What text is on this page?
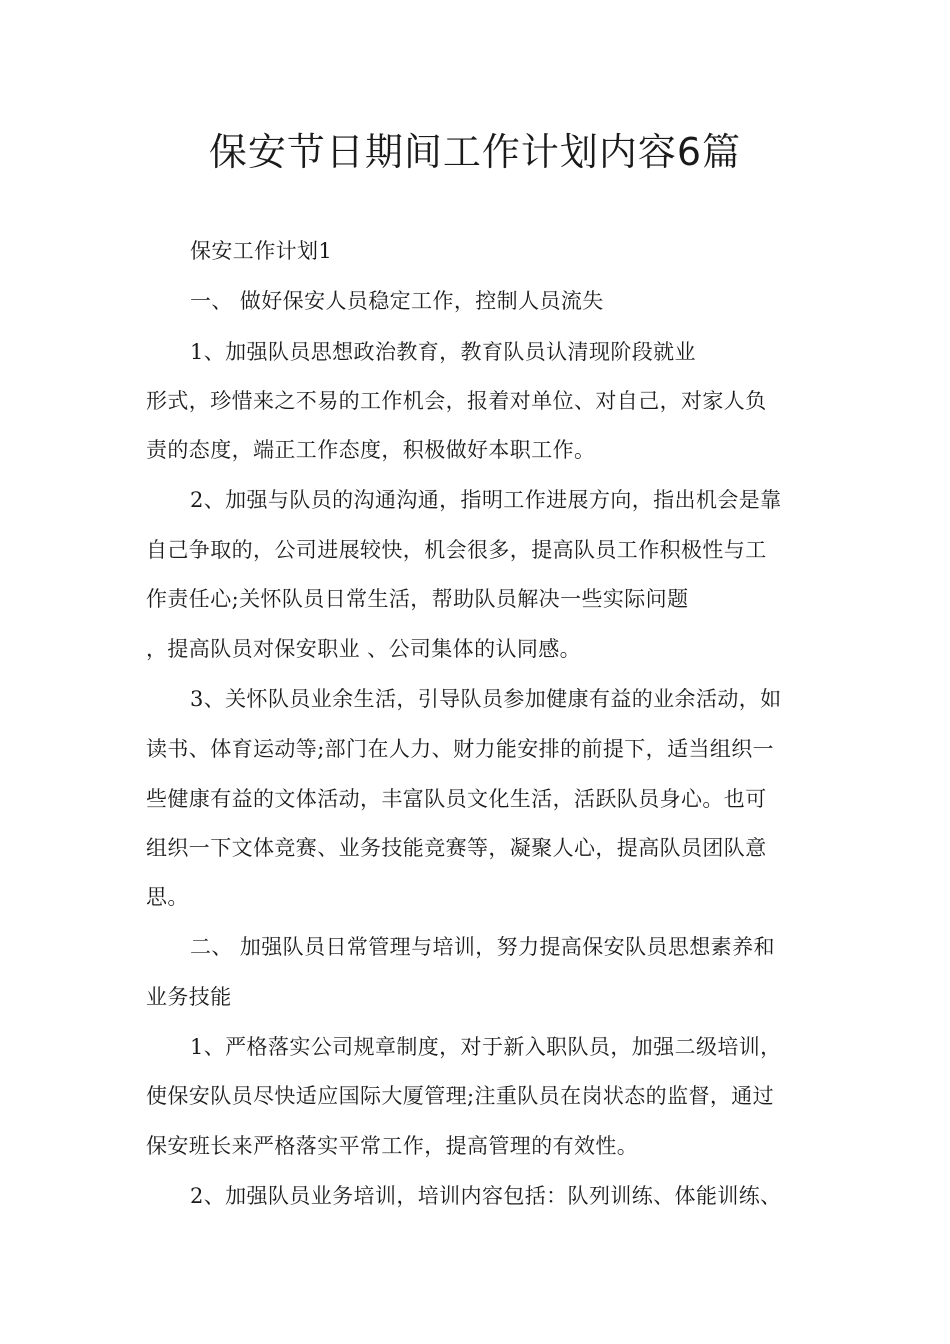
保安节日期间工作计划内容6篇
保安工作计划1
一、 做好保安人员稳定工作，控制人员流失
1、加强队员思想政治教育，教育队员认清现阶段就业
形式，珍惜来之不易的工作机会，报着对单位、对自己，对家人负
责的态度，端正工作态度，积极做好本职工作。
2、加强与队员的沟通沟通，指明工作进展方向，指出机会是靠
自己争取的，公司进展较快，机会很多，提高队员工作积极性与工
作责任心;关怀队员日常生活，帮助队员解决一些实际问题
，提高队员对保安职业 、公司集体的认同感。
3、关怀队员业余生活，引导队员参加健康有益的业余活动，如
读书、体育运动等;部门在人力、财力能安排的前提下，适当组织一
些健康有益的文体活动，丰富队员文化生活，活跃队员身心。也可
组织一下文体竞赛、业务技能竞赛等，凝聚人心，提高队员团队意
思。
二、 加强队员日常管理与培训，努力提高保安队员思想素养和
业务技能
1、严格落实公司规章制度，对于新入职队员，加强二级培训，
使保安队员尽快适应国际大厦管理;注重队员在岗状态的监督，通过
保安班长来严格落实平常工作，提高管理的有效性。
2、加强队员业务培训，培训内容包括：队列训练、体能训练、
